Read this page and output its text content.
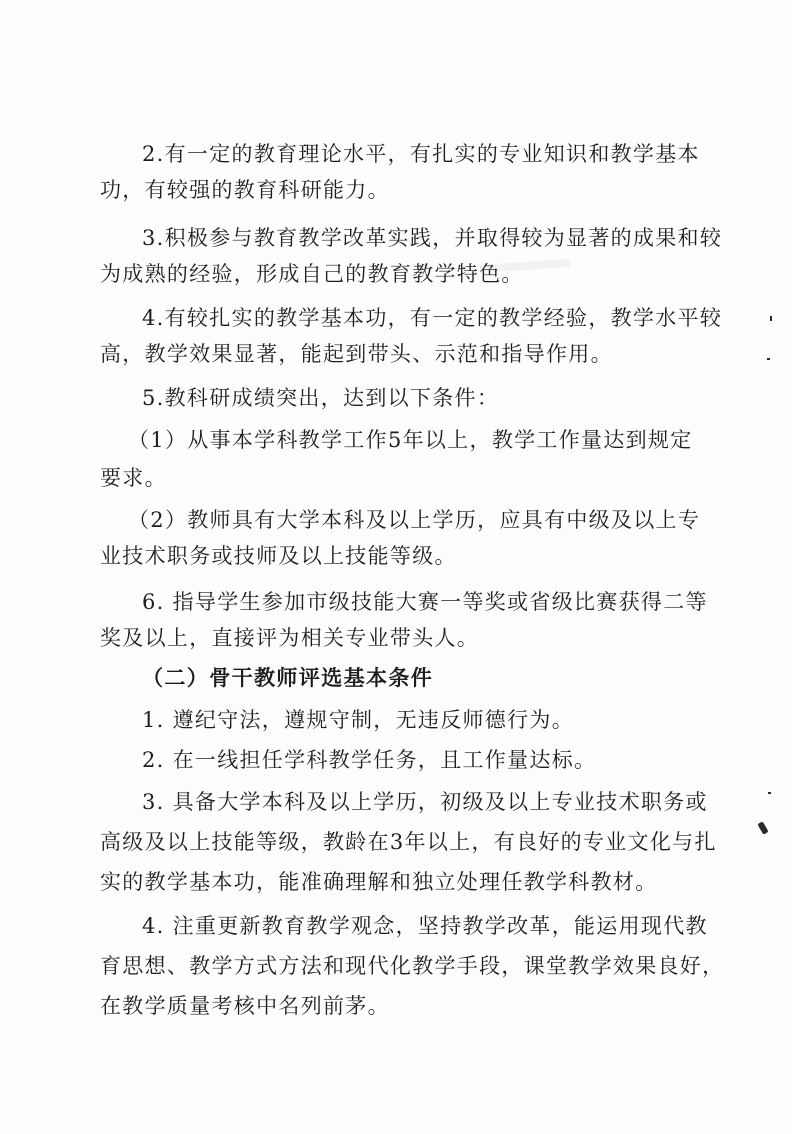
2.有一定的教育理论水平，有扎实的专业知识和教学基本
功，有较强的教育科研能力。
3.积极参与教育教学改革实践，并取得较为显著的成果和较
为成熟的经验，形成自己的教育教学特色。
4.有较扎实的教学基本功，有一定的教学经验，教学水平较
高，教学效果显著，能起到带头、示范和指导作用。
5.教科研成绩突出，达到以下条件：
（1）从事本学科教学工作5年以上，教学工作量达到规定
要求。
（2）教师具有大学本科及以上学历，应具有中级及以上专
业技术职务或技师及以上技能等级。
6. 指导学生参加市级技能大赛一等奖或省级比赛获得二等
奖及以上，直接评为相关专业带头人。
（二）骨干教师评选基本条件
1. 遵纪守法，遵规守制，无违反师德行为。
2. 在一线担任学科教学任务，且工作量达标。
3. 具备大学本科及以上学历，初级及以上专业技术职务或
高级及以上技能等级，教龄在3年以上，有良好的专业文化与扎
实的教学基本功，能准确理解和独立处理任教学科教材。
4. 注重更新教育教学观念，坚持教学改革，能运用现代教
育思想、教学方式方法和现代化教学手段，课堂教学效果良好，
在教学质量考核中名列前茅。
